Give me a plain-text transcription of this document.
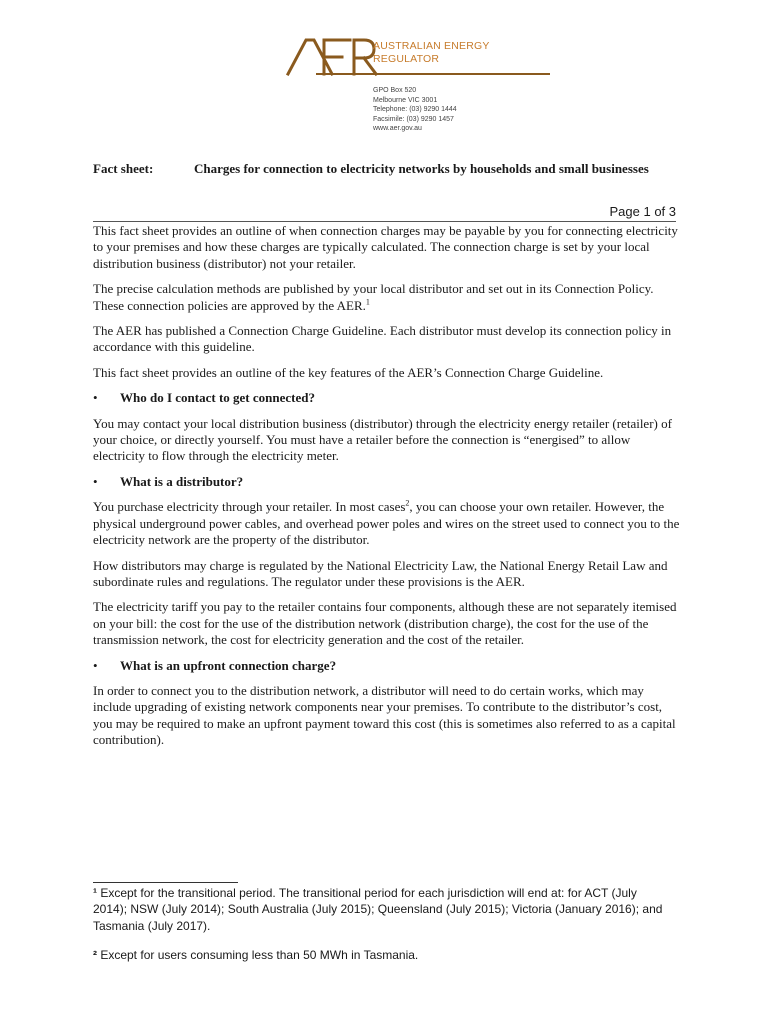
AUSTRALIAN ENERGY
REGULATOR
GPO Box 520
Melbourne VIC 3001
Telephone: (03) 9290 1444
Facsimile: (03) 9290 1457
www.aer.gov.au
Fact sheet:	Charges for connection to electricity networks by households and small businesses
Page 1 of 3

This fact sheet provides an outline of when connection charges may be payable by you for connecting electricity to your premises and how these charges are typically calculated. The connection charge is set by your local distribution business (distributor) not your retailer.

The precise calculation methods are published by your local distributor and set out in its Connection Policy. These connection policies are approved by the AER.$^1$

The AER has published a Connection Charge Guideline. Each distributor must develop its connection policy in accordance with this guideline.

This fact sheet provides an outline of the key features of the AER’s Connection Charge Guideline.

• Who do I contact to get connected?

You may contact your local distribution business (distributor) through the electricity energy retailer (retailer) of your choice, or directly yourself. You must have a retailer before the connection is “energised” to allow electricity to flow through the electricity meter.

• What is a distributor?

You purchase electricity through your retailer. In most cases$^2$, you can choose your own retailer. However, the physical underground power cables, and overhead power poles and wires on the street used to connect you to the electricity network are the property of the distributor.

How distributors may charge is regulated by the National Electricity Law, the National Energy Retail Law and subordinate rules and regulations. The regulator under these provisions is the AER.

The electricity tariff you pay to the retailer contains four components, although these are not separately itemised on your bill: the cost for the use of the distribution network (distribution charge), the cost for the use of the transmission network, the cost for electricity generation and the cost of the retailer.

• What is an upfront connection charge?

In order to connect you to the distribution network, a distributor will need to do certain works, which may include upgrading of existing network components near your premises. To contribute to the distributor’s cost, you may be required to make an upfront payment toward this cost (this is sometimes also referred to as a capital contribution).

¹ Except for the transitional period. The transitional period for each jurisdiction will end at: for ACT (July 2014); NSW (July 2014); South Australia (July 2015); Queensland (July 2015); Victoria (January 2016); and Tasmania (July 2017).
² Except for users consuming less than 50 MWh in Tasmania.
